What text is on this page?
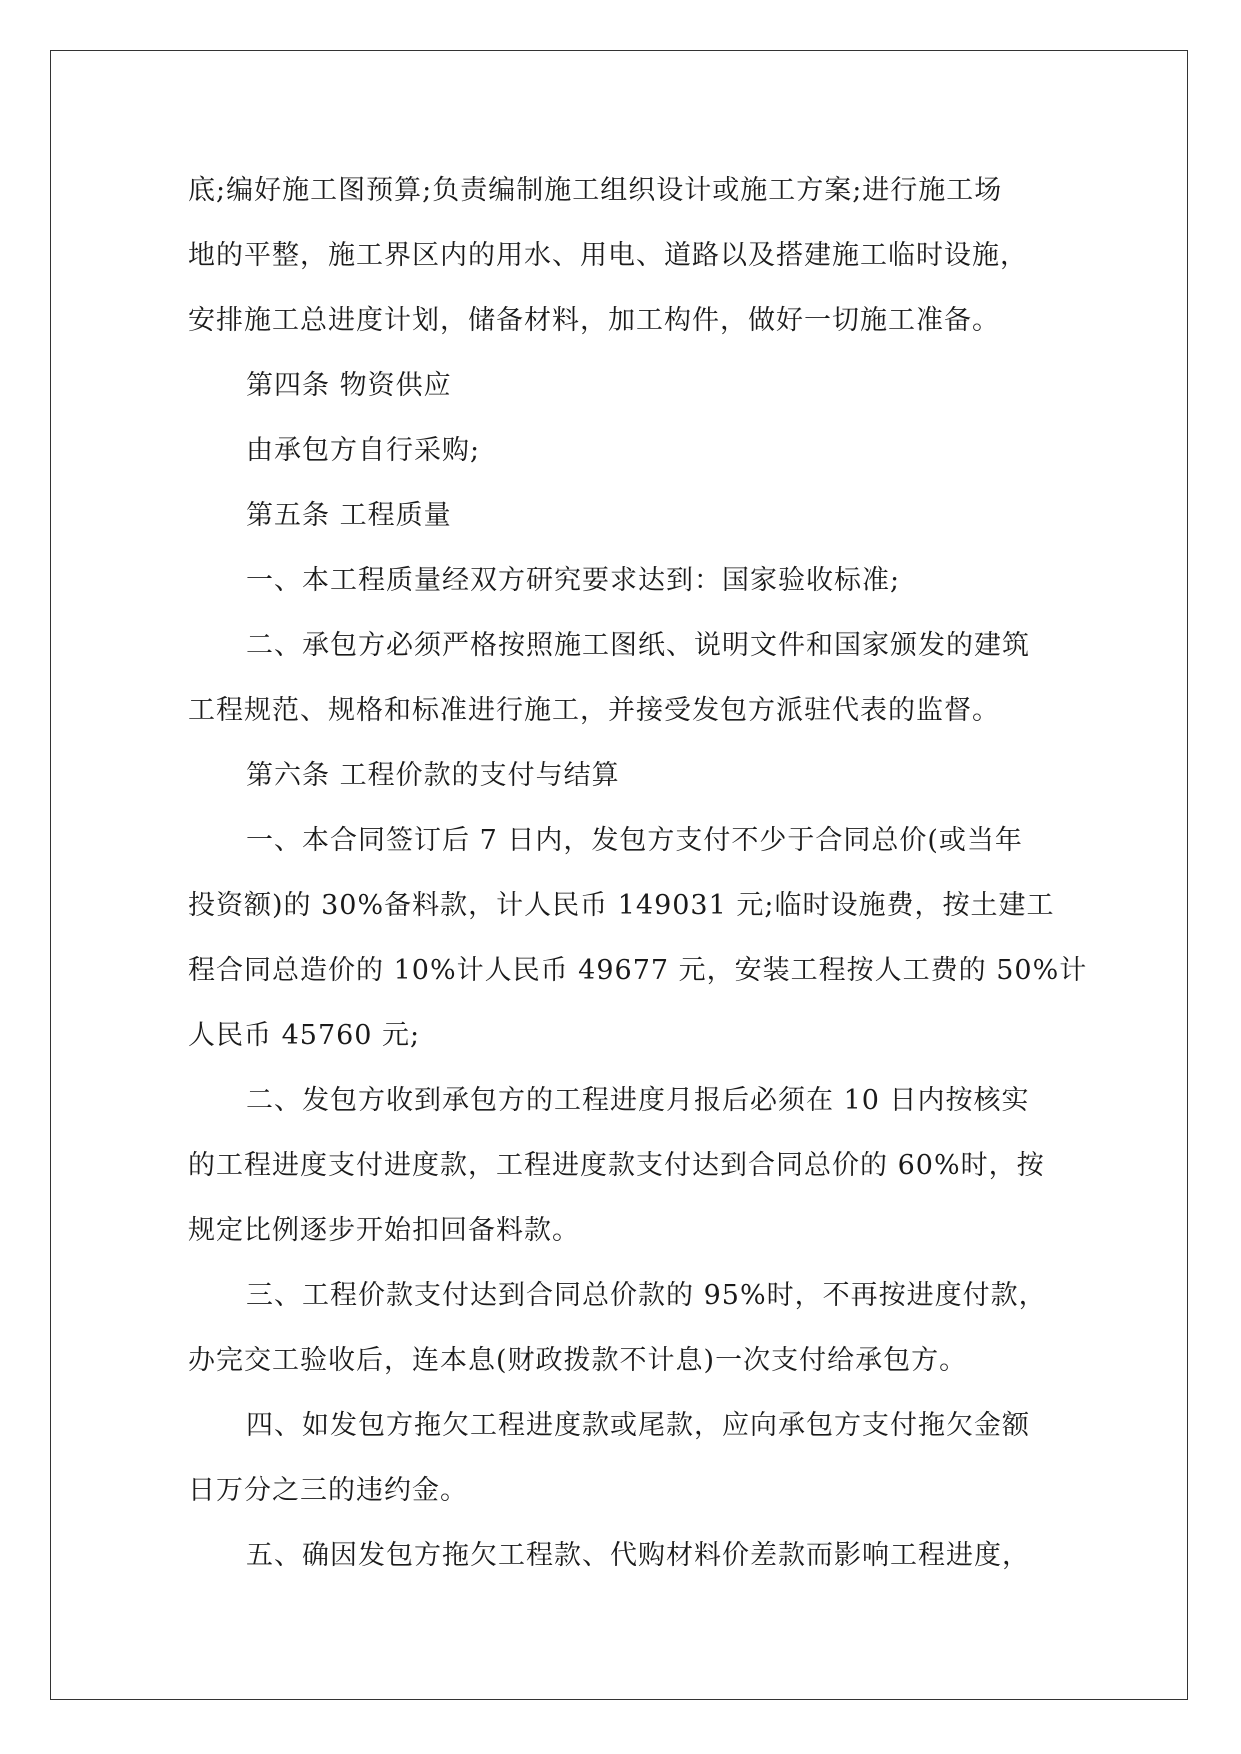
底;编好施工图预算;负责编制施工组织设计或施工方案;进行施工场
地的平整，施工界区内的用水、用电、道路以及搭建施工临时设施，
安排施工总进度计划，储备材料，加工构件，做好一切施工准备。

第四条 物资供应

由承包方自行采购;

第五条 工程质量

一、本工程质量经双方研究要求达到：国家验收标准;

二、承包方必须严格按照施工图纸、说明文件和国家颁发的建筑
工程规范、规格和标准进行施工，并接受发包方派驻代表的监督。

第六条 工程价款的支付与结算

一、本合同签订后 7 日内，发包方支付不少于合同总价(或当年
投资额)的 30%备料款，计人民币 149031 元;临时设施费，按土建工
程合同总造价的 10%计人民币 49677 元，安装工程按人工费的 50%计
人民币 45760 元;

二、发包方收到承包方的工程进度月报后必须在 10 日内按核实
的工程进度支付进度款，工程进度款支付达到合同总价的 60%时，按
规定比例逐步开始扣回备料款。

三、工程价款支付达到合同总价款的 95%时，不再按进度付款，
办完交工验收后，连本息(财政拨款不计息)一次支付给承包方。

四、如发包方拖欠工程进度款或尾款，应向承包方支付拖欠金额
日万分之三的违约金。

五、确因发包方拖欠工程款、代购材料价差款而影响工程进度，
